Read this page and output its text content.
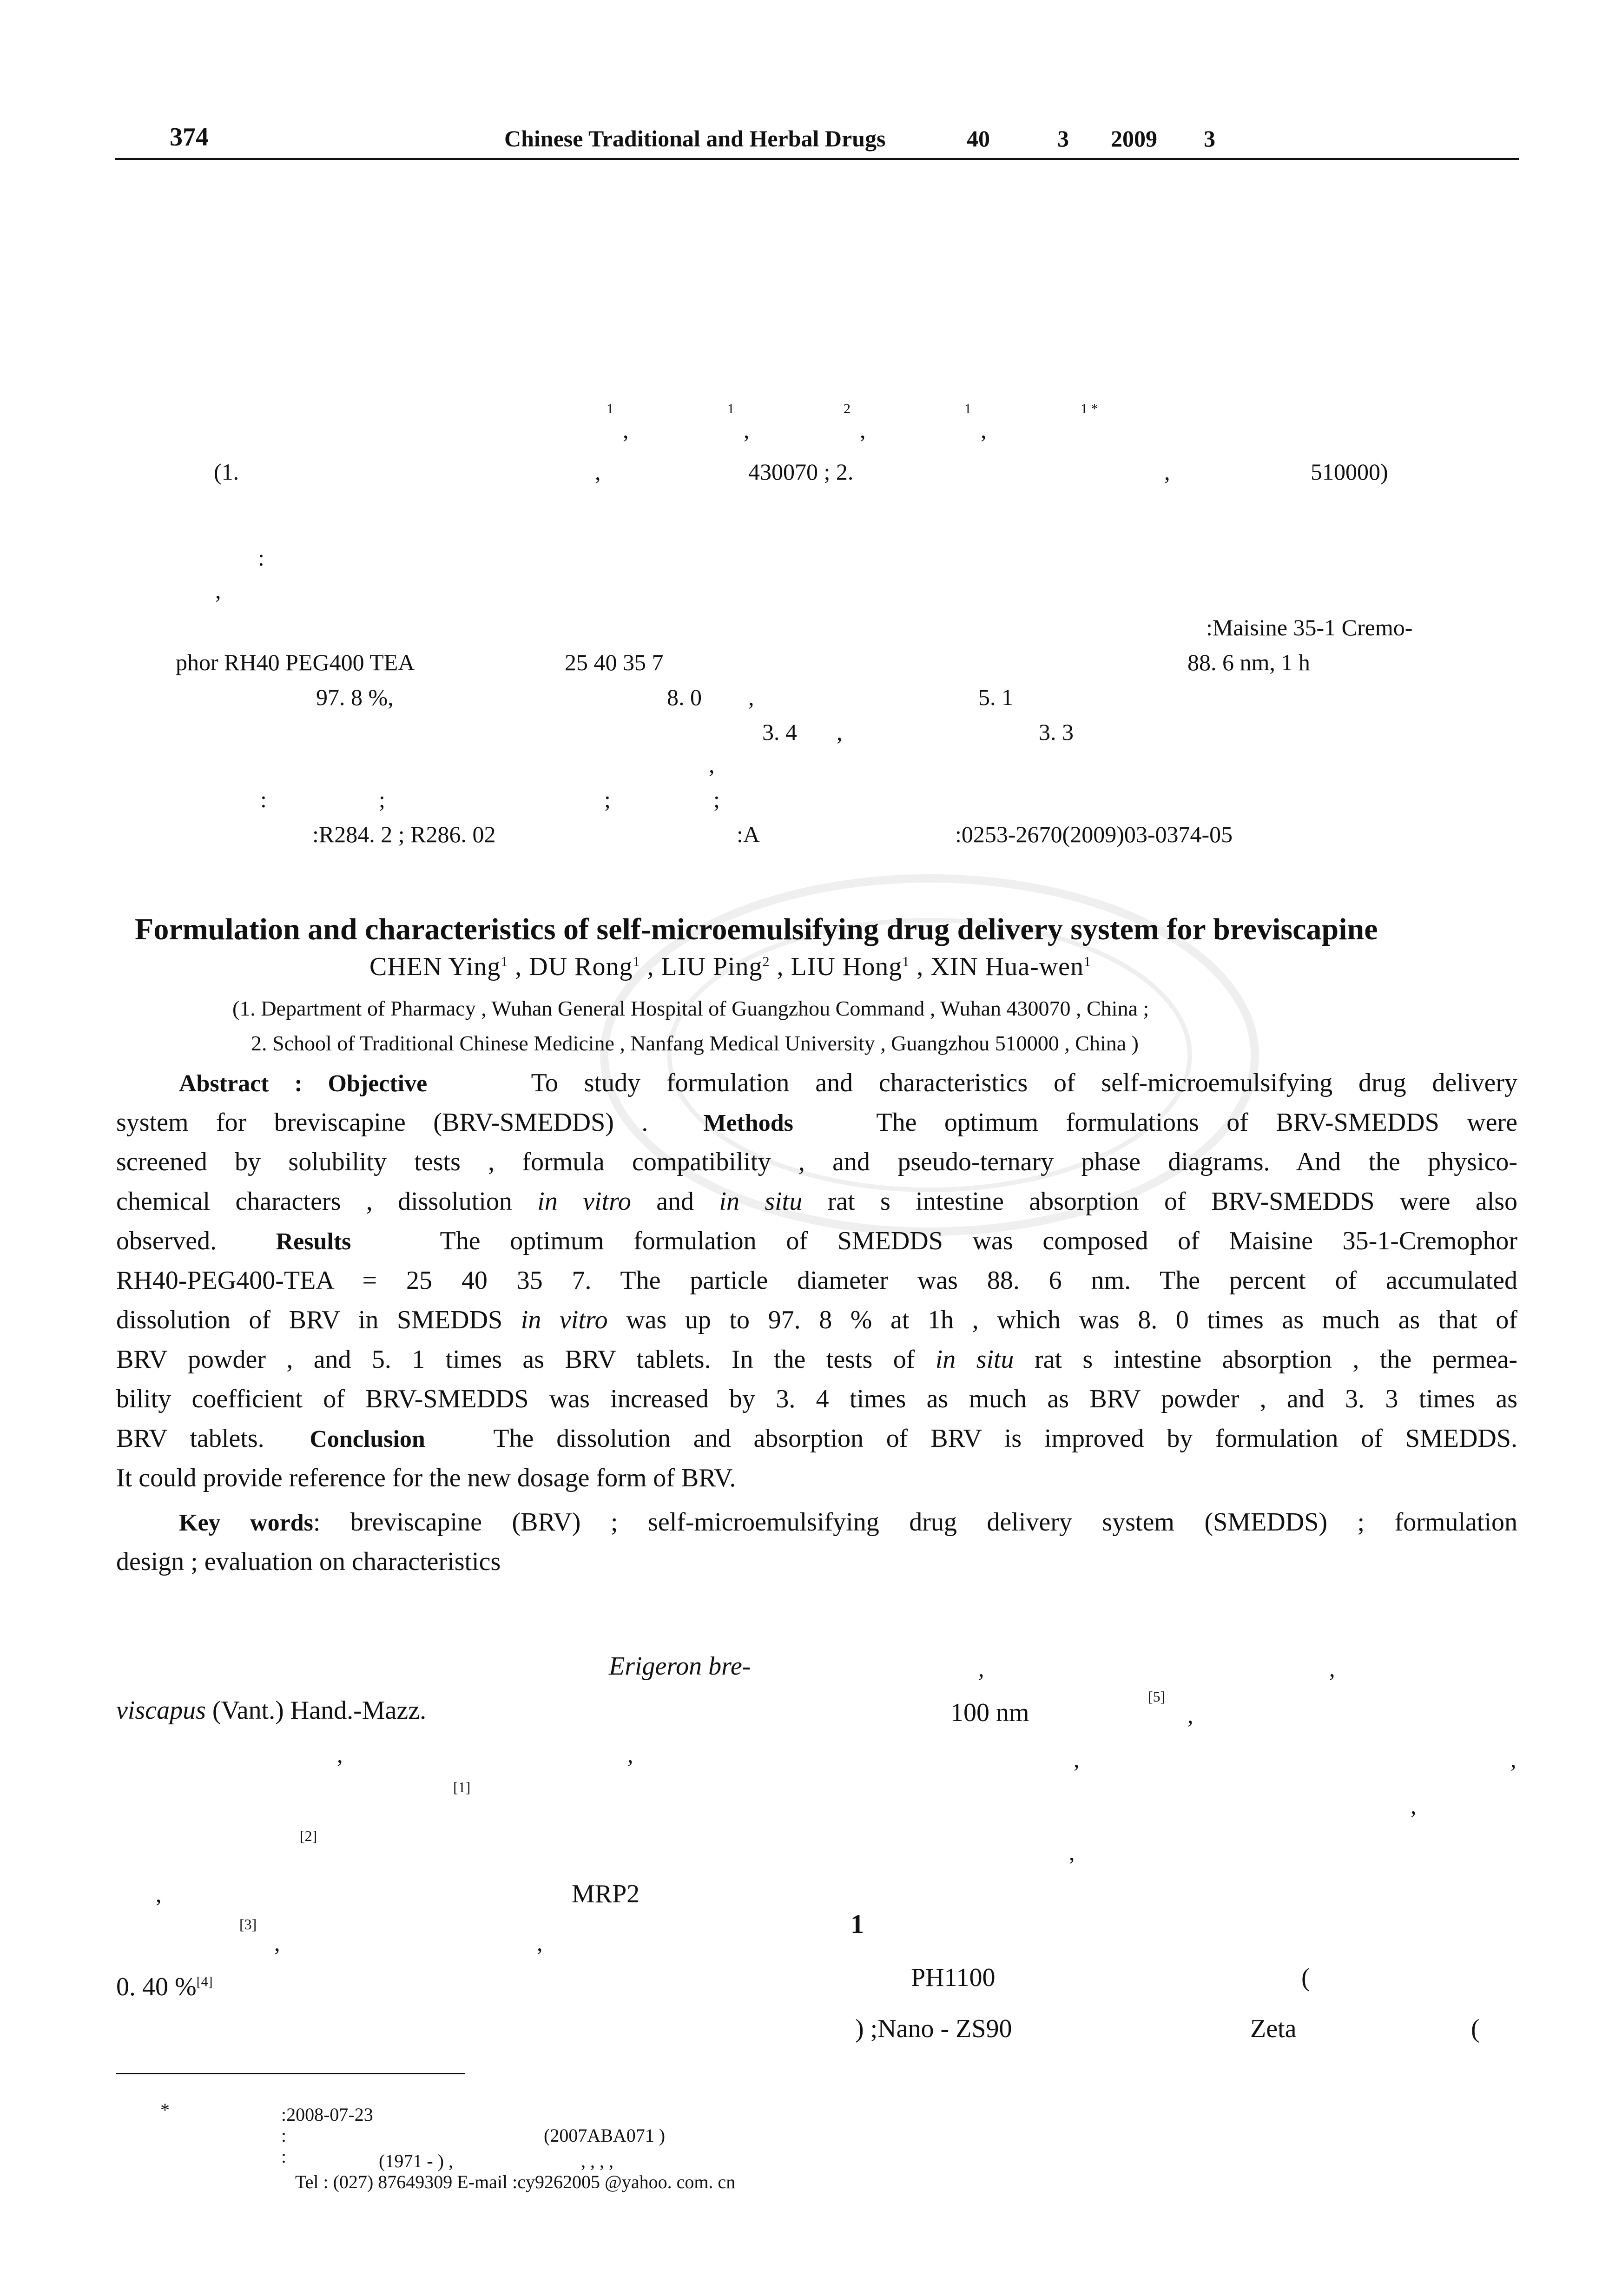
374	Chinese Traditional and Herbal Drugs	40	3 2009 3
1
,
1
,
2
,
1
,
1 *
(1.	,	430070 ; 2.	,	510000)
:
,
:Maisine 35-1 Cremo-
phor RH40 PEG400 TEA	25 40 35 7	88. 6 nm, 1 h
97. 8 %,	8. 0 ,	5. 1
3. 4 ,	3. 3
,
:	;	;	;
:R284. 2 ; R286. 02	:A	:0253-2670(2009)03-0374-05
Formulation and characteristics of self-microemulsifying drug delivery system for breviscapine
CHEN Ying$^1$ , DU Rong$^1$ , LIU Ping$^2$ , LIU Hong$^1$ , XIN Hua-wen$^1$
(1. Department of Pharmacy , Wuhan General Hospital of Guangzhou Command , Wuhan 430070 , China ;
2. School of Traditional Chinese Medicine , Nanfang Medical University , Guangzhou 510000 , China )
Abstract : Objective	To study formulation and characteristics of self-microemulsifying drug delivery
system for breviscapine (BRV-SMEDDS) . Methods	The optimum formulations of BRV-SMEDDS were
screened by solubility tests , formula compatibility , and pseudo-ternary phase diagrams. And the physico-
chemical characters , dissolution in vitro and in situ rat s intestine absorption of BRV-SMEDDS were also
observed. Results	The optimum formulation of SMEDDS was composed of Maisine 35-1-Cremophor
RH40-PEG400-TEA = 25 40 35 7. The particle diameter was 88. 6 nm. The percent of accumulated
dissolution of BRV in SMEDDS in vitro was up to 97. 8 % at 1h , which was 8. 0 times as much as that of
BRV powder , and 5. 1 times as BRV tablets. In the tests of in situ rat s intestine absorption , the permea-
bility coefficient of BRV-SMEDDS was increased by 3. 4 times as much as BRV powder , and 3. 3 times as
BRV tablets. Conclusion	The dissolution and absorption of BRV is improved by formulation of SMEDDS.
It could provide reference for the new dosage form of BRV.
Key words: breviscapine (BRV) ; self-microemulsifying drug delivery system (SMEDDS) ; formulation
design ; evaluation on characteristics
Erigeron bre-
viscapus (Vant.) Hand.-Mazz.
,	,
[1]
[2]
,	MRP2
[3]
,	,
0. 40 %[4]
,	,
100 nm
[5]
,
,	,
,
,
1
PH1100	(
) ;Nano - ZS90	Zeta	(
*	:2008-07-23
:	(2007ABA071 )
:	(1971 - ) ,	, , , ,
Tel : (027) 87649309 E-mail :cy9262005 @yahoo. com. cn
